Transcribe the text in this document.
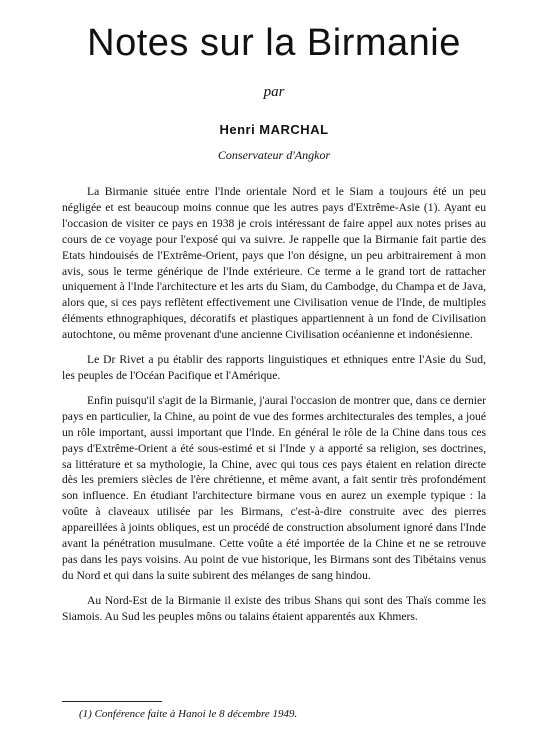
Notes sur la Birmanie
par
Henri MARCHAL
Conservateur d'Angkor

La Birmanie située entre l'Inde orientale Nord et le Siam a toujours été un peu négligée et est beaucoup moins connue que les autres pays d'Extrême-Asie (1). Ayant eu l'occasion de visiter ce pays en 1938 je crois intéressant de faire appel aux notes prises au cours de ce voyage pour l'exposé qui va suivre. Je rappelle que la Birmanie fait partie des Etats hindouisés de l'Extrême-Orient, pays que l'on désigne, un peu arbitrairement à mon avis, sous le terme générique de l'Inde extérieure. Ce terme a le grand tort de rattacher uniquement à l'Inde l'architecture et les arts du Siam, du Cambodge, du Champa et de Java, alors que, si ces pays reflètent effectivement une Civilisation venue de l'Inde, de multiples éléments ethnographiques, décoratifs et plastiques appartiennent à un fond de Civilisation autochtone, ou même provenant d'une ancienne Civilisation océanienne et indonésienne.

Le Dr Rivet a pu établir des rapports linguistiques et ethniques entre l'Asie du Sud, les peuples de l'Océan Pacifique et l'Amérique.

Enfin puisqu'il s'agit de la Birmanie, j'aurai l'occasion de montrer que, dans ce dernier pays en particulier, la Chine, au point de vue des formes architecturales des temples, a joué un rôle important, aussi important que l'Inde. En général le rôle de la Chine dans tous ces pays d'Extrême-Orient a été sous-estimé et si l'Inde y a apporté sa religion, ses doctrines, sa littérature et sa mythologie, la Chine, avec qui tous ces pays étaient en relation directe dès les premiers siècles de l'ère chrétienne, et même avant, a fait sentir très profondément son influence. En étudiant l'architecture birmane vous en aurez un exemple typique : la voûte à claveaux utilisée par les Birmans, c'est-à-dire construite avec des pierres appareillées à joints obliques, est un procédé de construction absolument ignoré dans l'Inde avant la pénétration musulmane. Cette voûte a été importée de la Chine et ne se retrouve pas dans les pays voisins. Au point de vue historique, les Birmans sont des Tibétains venus du Nord et qui dans la suite subirent des mélanges de sang hindou.

Au Nord-Est de la Birmanie il existe des tribus Shans qui sont des Thaïs comme les Siamois. Au Sud les peuples môns ou talains étaient apparentés aux Khmers.

(1) Conférence faite à Hanoi le 8 décembre 1949.
